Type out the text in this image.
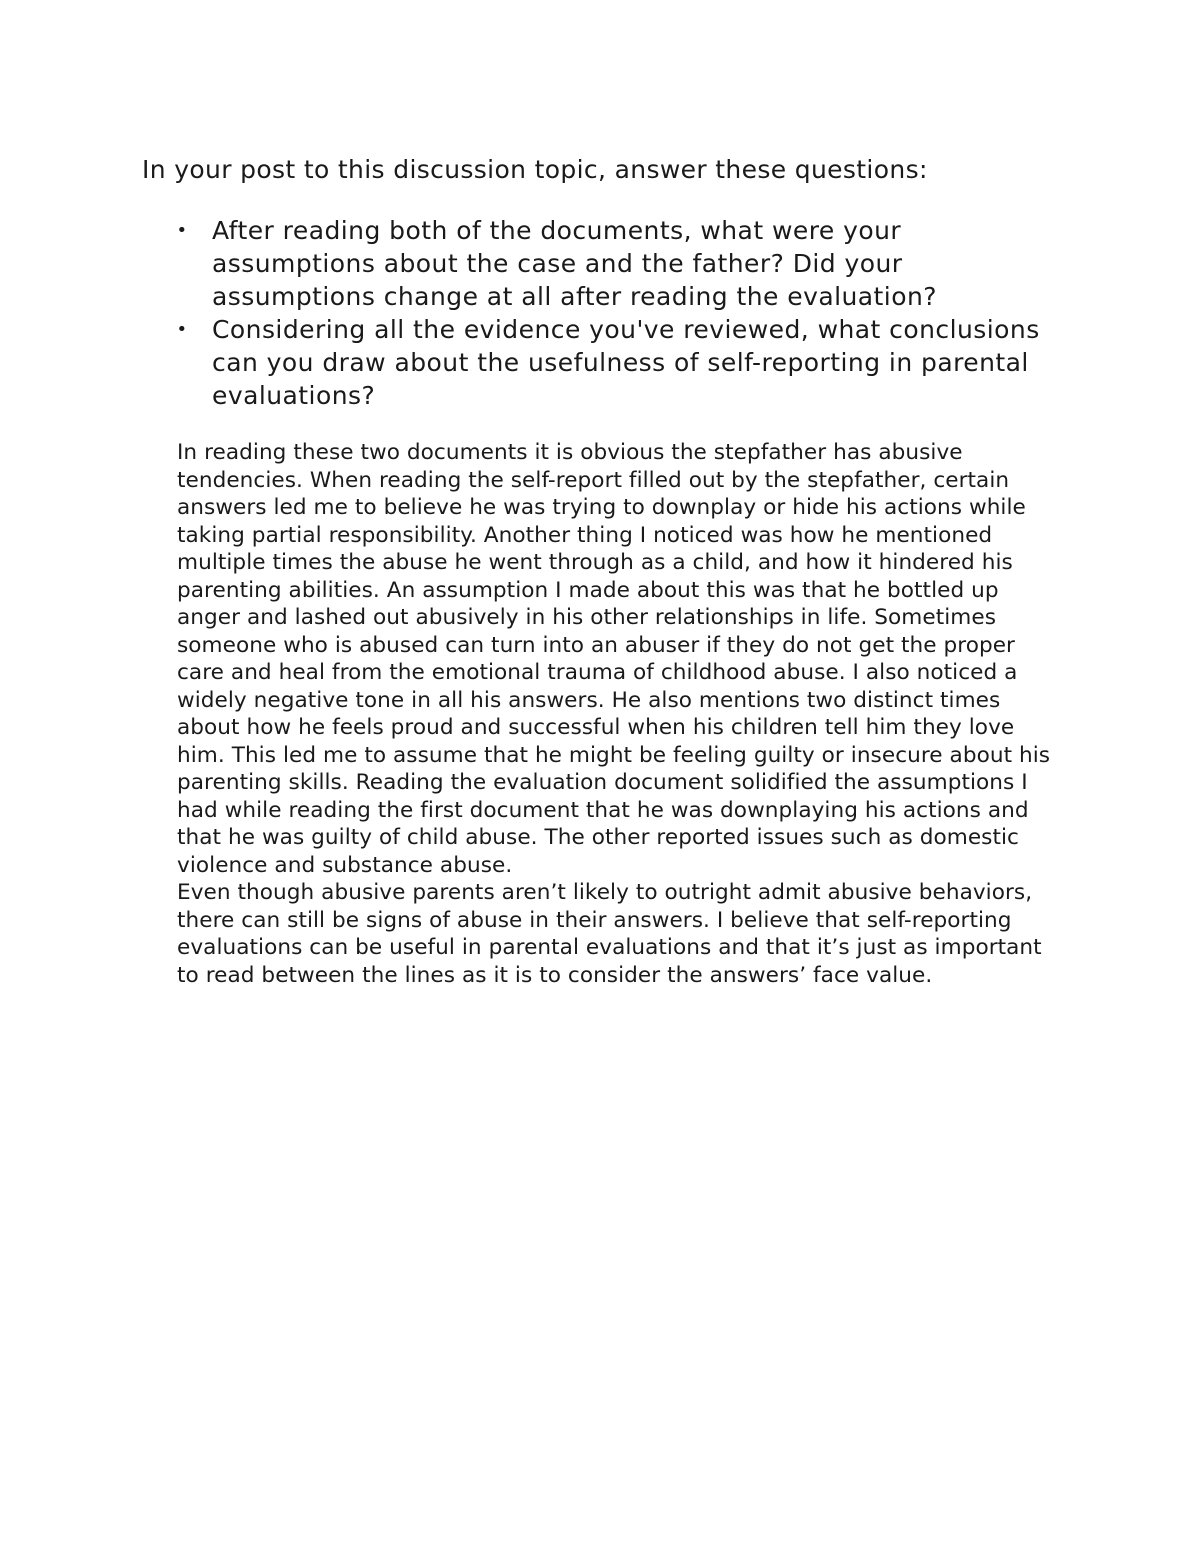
In your post to this discussion topic, answer these questions:
• After reading both of the documents, what were your assumptions about the case and the father? Did your assumptions change at all after reading the evaluation?
• Considering all the evidence you've reviewed, what conclusions can you draw about the usefulness of self-reporting in parental evaluations?

In reading these two documents it is obvious the stepfather has abusive tendencies. When reading the self-report filled out by the stepfather, certain answers led me to believe he was trying to downplay or hide his actions while taking partial responsibility. Another thing I noticed was how he mentioned multiple times the abuse he went through as a child, and how it hindered his parenting abilities. An assumption I made about this was that he bottled up anger and lashed out abusively in his other relationships in life. Sometimes someone who is abused can turn into an abuser if they do not get the proper care and heal from the emotional trauma of childhood abuse. I also noticed a widely negative tone in all his answers. He also mentions two distinct times about how he feels proud and successful when his children tell him they love him. This led me to assume that he might be feeling guilty or insecure about his parenting skills. Reading the evaluation document solidified the assumptions I had while reading the first document that he was downplaying his actions and that he was guilty of child abuse. The other reported issues such as domestic violence and substance abuse.

Even though abusive parents aren’t likely to outright admit abusive behaviors, there can still be signs of abuse in their answers. I believe that self-reporting evaluations can be useful in parental evaluations and that it’s just as important to read between the lines as it is to consider the answers’ face value.
